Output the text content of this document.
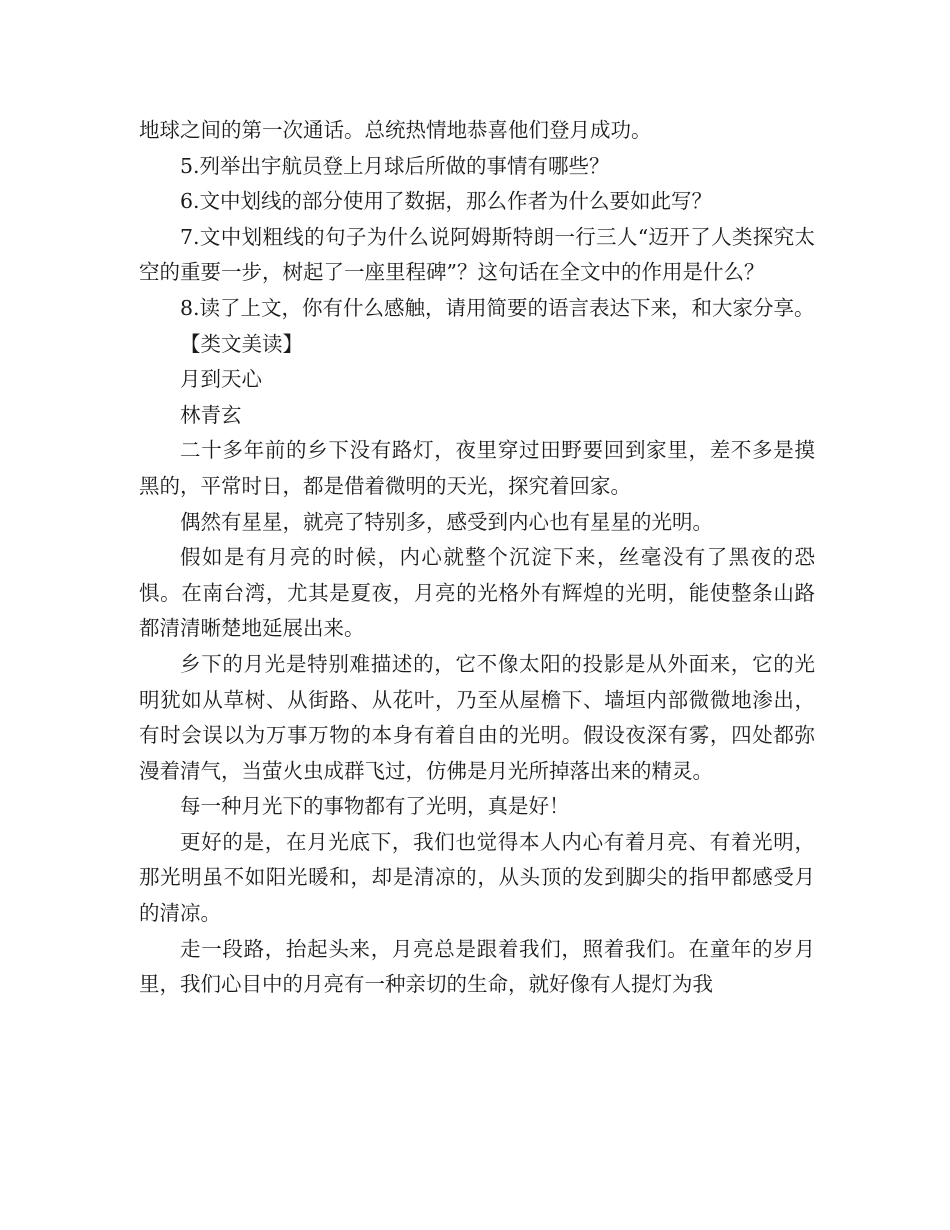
地球之间的第一次通话。总统热情地恭喜他们登月成功。

5.列举出宇航员登上月球后所做的事情有哪些？

6.文中划线的部分使用了数据，那么作者为什么要如此写？

7.文中划粗线的句子为什么说阿姆斯特朗一行三人“迈开了人类探究太空的重要一步，树起了一座里程碑”？这句话在全文中的作用是什么？

8.读了上文，你有什么感触，请用简要的语言表达下来，和大家分享。

【类文美读】

月到天心

林青玄

二十多年前的乡下没有路灯，夜里穿过田野要回到家里，差不多是摸黑的，平常时日，都是借着微明的天光，探究着回家。

偶然有星星，就亮了特别多，感受到内心也有星星的光明。

假如是有月亮的时候，内心就整个沉淀下来，丝毫没有了黑夜的恐惧。在南台湾，尤其是夏夜，月亮的光格外有辉煌的光明，能使整条山路都清清晰楚地延展出来。

乡下的月光是特别难描述的，它不像太阳的投影是从外面来，它的光明犹如从草树、从街路、从花叶，乃至从屋檐下、墙垣内部微微地渗出，有时会误以为万事万物的本身有着自由的光明。假设夜深有雾，四处都弥漫着清气，当萤火虫成群飞过，仿佛是月光所掉落出来的精灵。

每一种月光下的事物都有了光明，真是好！

更好的是，在月光底下，我们也觉得本人内心有着月亮、有着光明，那光明虽不如阳光暖和，却是清凉的，从头顶的发到脚尖的指甲都感受月的清凉。

走一段路，抬起头来，月亮总是跟着我们，照着我们。在童年的岁月里，我们心目中的月亮有一种亲切的生命，就好像有人提灯为我
